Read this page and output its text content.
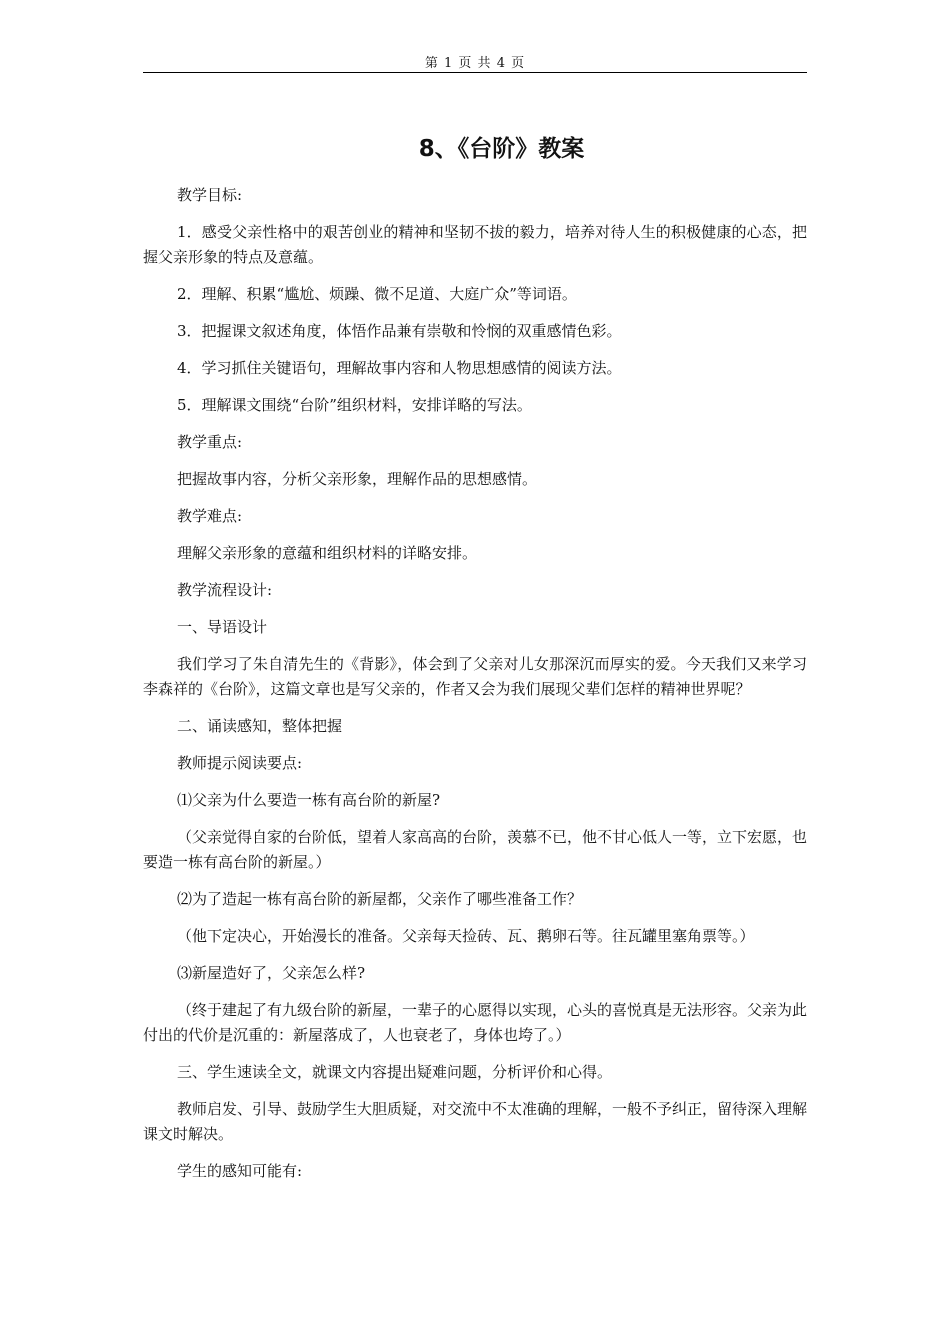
第 1 页 共 4 页
8、《台阶》教案

教学目标:

1．感受父亲性格中的艰苦创业的精神和坚韧不拔的毅力，培养对待人生的积极健康的心态，把握父亲形象的特点及意蕴。

2．理解、积累“尴尬、烦躁、微不足道、大庭广众”等词语。

3．把握课文叙述角度，体悟作品兼有崇敬和怜悯的双重感情色彩。

4．学习抓住关键语句，理解故事内容和人物思想感情的阅读方法。

5．理解课文围绕“台阶”组织材料，安排详略的写法。

教学重点:

把握故事内容，分析父亲形象，理解作品的思想感情。

教学难点:

理解父亲形象的意蕴和组织材料的详略安排。

教学流程设计:

一、导语设计

我们学习了朱自清先生的《背影》，体会到了父亲对儿女那深沉而厚实的爱。今天我们又来学习李森祥的《台阶》，这篇文章也是写父亲的，作者又会为我们展现父辈们怎样的精神世界呢？

二、诵读感知，整体把握

教师提示阅读要点:

⑴父亲为什么要造一栋有高台阶的新屋?

（父亲觉得自家的台阶低，望着人家高高的台阶，羡慕不已，他不甘心低人一等，立下宏愿，也要造一栋有高台阶的新屋。）

⑵为了造起一栋有高台阶的新屋都，父亲作了哪些准备工作？

（他下定决心，开始漫长的准备。父亲每天捡砖、瓦、鹅卵石等。往瓦罐里塞角票等。）

⑶新屋造好了，父亲怎么样?

（终于建起了有九级台阶的新屋，一辈子的心愿得以实现，心头的喜悦真是无法形容。父亲为此付出的代价是沉重的：新屋落成了，人也衰老了，身体也垮了。）

三、学生速读全文，就课文内容提出疑难问题，分析评价和心得。

教师启发、引导、鼓励学生大胆质疑，对交流中不太准确的理解，一般不予纠正，留待深入理解课文时解决。

学生的感知可能有:
